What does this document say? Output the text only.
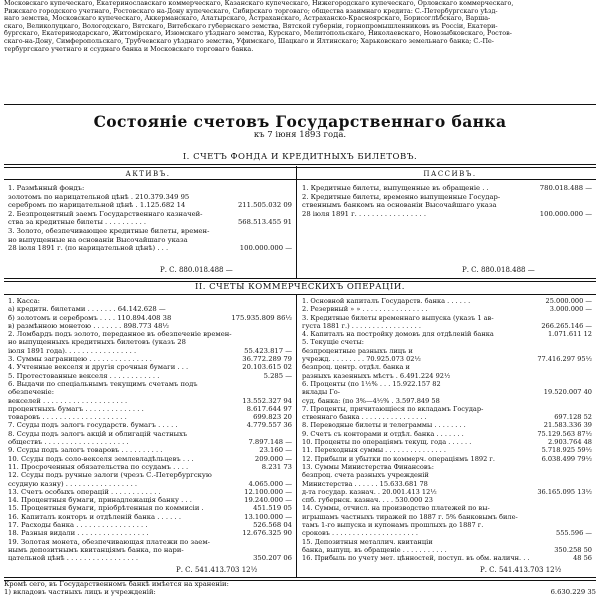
Московскаго купеческаго, Екатеринославскаго коммерческаго, Казанскаго купеческаго, Нижегородскаго купеческаго, Орловскаго коммерческаго,
Рижскаго городского учетнаго, Ростовскаго на-Дону купеческаго, Сибирскаго торговаго; общества взаимнаго кредита: С.-Петербургскаго уѣзд-
наго земства, Московскаго купеческаго, Аккерманскаго, Алатырскаго, Астраханскаго, Астраханско-Красноярскаго, Борисоглѣбскаго, Варша-
скаго, Великолуцкаго, Вологодскаго, Вятскаго, Витебскаго губернскаго земства, Вятской губерніи, горнопромышленниковъ въ Россіи, Екатери-
бургскаго, Екатеринодарскаго, Житомірскаго, Изюмскаго уѣзднаго земства, Курскаго, Мелитопольскаго, Николаевскаго, Новозыбковскаго, Ростов-
скаго-на-Дону, Симферопольскаго, Трубчевскаго уѣзднаго земства, Уфимскаго, Шацкаго и Ялтинскаго; Харьковскаго земельнаго банка; С.-Пе-
тербургскаго учетнаго и ссуднаго банка и Московскаго торговаго банка.
Состояніе счетовъ Государственнаго банка
къ 7 іюня 1893 года.
I. СЧЕТЪ ФОНДА И КРЕДИТНЫХЪ БИЛЕТОВЪ.
АКТИВЪ.	ПАССИВЪ.
1. Размѣнный фондъ:
золотомъ по нарицательной цѣнѣ . 210.379.349 95
серебромъ по нарицательной цѣнѣ . 1.125.682 14	211.505.032 09
2. Безпроцентный заемъ Государственнаго казначей-
ства за кредитные билеты . . . . . . . . . .	568.513.455 91
3. Золото, обезпечивающее кредитные билеты, времен-
но выпущенные на основаніи Высочайшаго указа
28 іюля 1891 г. (по нарицательной цѣнѣ) . . .	100.000.000 —
1. Кредитные билеты, выпущенные въ обращеніе . .	780.018.488 —
2. Кредитные билеты, временно выпущенные Государ-
ственнымъ банкомъ на основаніи Высочайшаго указа
28 іюля 1891 г. . . . . . . . . . . . . . . . .	100.000.000 —
Р. С. 880.018.488 —	Р. С. 880.018.488 —
II. СЧЕТЫ КОММЕРЧЕСКИХЪ ОПЕРАЦІЙ.
1. Касса:
а) кредитн. билетами . . . . . . . 64.142.628 —
б) золотомъ и серебромъ . . . . 110.894.408 38	175.935.809 86½
в) размѣнною монетою . . . . . . . 898.773 48½
2. Ломбардъ подъ золото, переданное въ обезпеченіе времен-
но выпущенныхъ кредитныхъ билетовъ (указъ 28
іюля 1891 года). . . . . . . . . . . . . . . . .	55.423.817 —
3. Суммы заграницею . . . . . . . . . . . . . . .	36.772.289 79
4. Учтенные векселя и другія срочныя бумаги . . .	20.103.615 02
5. Протестованные векселя . . . . . . . . . . . .	5.285 —
6. Выдачи по спеціальнымъ текущимъ счетамъ подъ
обезпеченіе:
векселей . . . . . . . . . . . . . . . . . . . .	13.552.327 94
процентныхъ бумагъ . . . . . . . . . . . . . .	8.617.644 97
товаровъ . . . . . . . . . . . . . . . . . . . .	699.823 20
7. Ссуды подъ залогъ государств. бумагъ . . . . .	4.779.557 36
8. Ссуды подъ залогъ акцій и облигацій частныхъ
обществъ . . . . . . . . . . . . . . . . . . . .	7.897.148 —
9. Ссуды подъ залогъ товаровъ . . . . . . . . . .	23.160 —
10. Ссуды подъ соло-векселя землевладѣльцевъ . . .	209.000 —
11. Просроченныя обязательства по ссудамъ . . . .	8.231 73
12. Ссуды подъ ручные залоги (чрезъ С.-Петербургскую
ссудную казну) . . . . . . . . . . . . . . . . .	4.065.000 —
13. Счетъ особыхъ операцій . . . . . . . . . . . .	12.100.000 —
14. Процентныя бумаги, принадлежащія банку . . .	19.240.000 —
15. Процентныя бумаги, пріобрѣтенныя по коммисіи .	451.519 05
16. Капиталъ конторъ и отдѣленій банка . . . . . .	13.100.000 —
17. Расходы банка . . . . . . . . . . . . . . . . .	526.568 04
18. Разныя видали . . . . . . . . . . . . . . . . .	12.676.325 90
19. Золотая монета, обезпечивающая платежи по заем-
нымъ депозитнымъ квитанціямъ банка, по нари-
цательной цѣнѣ . . . . . . . . . . . . . . . . .	350.207 06
1. Основной капиталъ Государств. банка . . . . . .	25.000.000 —
2. Резервный » » . . . . . . . . . . . . . . . .	3.000.000 —
3. Кредитные билеты временнаго выпуска (указъ 1 ав-
густа 1881 г.) . . . . . . . . . . . . . . . . .	266.265.146 —
4. Капиталъ на постройку домовъ для отдѣленій банка	1.071.611 12
5. Текущіе счеты:
безпроцентные разныхъ лицъ и
учрежд. . . . . . . . . 70.925.073 02½	77.416.297 95½
безпроц. центр. отдѣл. банка и
разныхъ казенныхъ мѣстъ . 6.491.224 92½
6. Проценты (по 1½% . . . 15.922.157 82
вклады Го-	19.520.007 40
суд. банка: (по 3%—4½% . 3.597.849 58
7. Проценты, причитающіеся по вкладамъ Государ-
ственнаго банка . . . . . . . . . . . . . . . .	697.128 52
8. Переводные билеты и телеграммы . . . . . . . .	21.583.336 39
9. Счетъ съ конторами и отдѣл. банка . . . . . . .	75.129.563 87½
10. Проценты по операціямъ текущ. года . . . . . .	2.903.764 48
11. Переходныя суммы . . . . . . . . . . . . . . .	5.718.925 59½
12. Прибыли и убытки по коммерч. операціямъ 1892 г.	6.038.499 79½
13. Суммы Министерства Финансовъ:
безпроц. счета разныхъ учрежденій
Министерства . . . . . . 15.633.681 78
д-та государ. казнач. . 20.001.413 12½	36.165.095 13½
спб. губернск. казнач. . . . 530.000 23
14. Суммы, отчисл. на производство платежей по вы-
игрышамъ частныхъ тиражей по 1887 г. 5% банковымъ биле-
тамъ 1-го выпуска и купонамъ прошлыхъ до 1887 г.
сроковъ . . . . . . . . . . . . . . . . . . . . .	555.596 —
15. Депозитныя металлич. квитанціи
банка, выпущ. въ обращеніе . . . . . . . . . . .	350.258 50
16. Прибыль по учету мет. цѣнностей, поступ. въ обм. наличн. . .	48 56
Р. С. 541.413.703 12½	Р. С. 541.413.703 12½
Кромѣ сего, въ Государственномъ банкѣ имѣется на храненіи:
1) вкладовъ частныхъ лицъ и учрежденій:	6.630.229 35
